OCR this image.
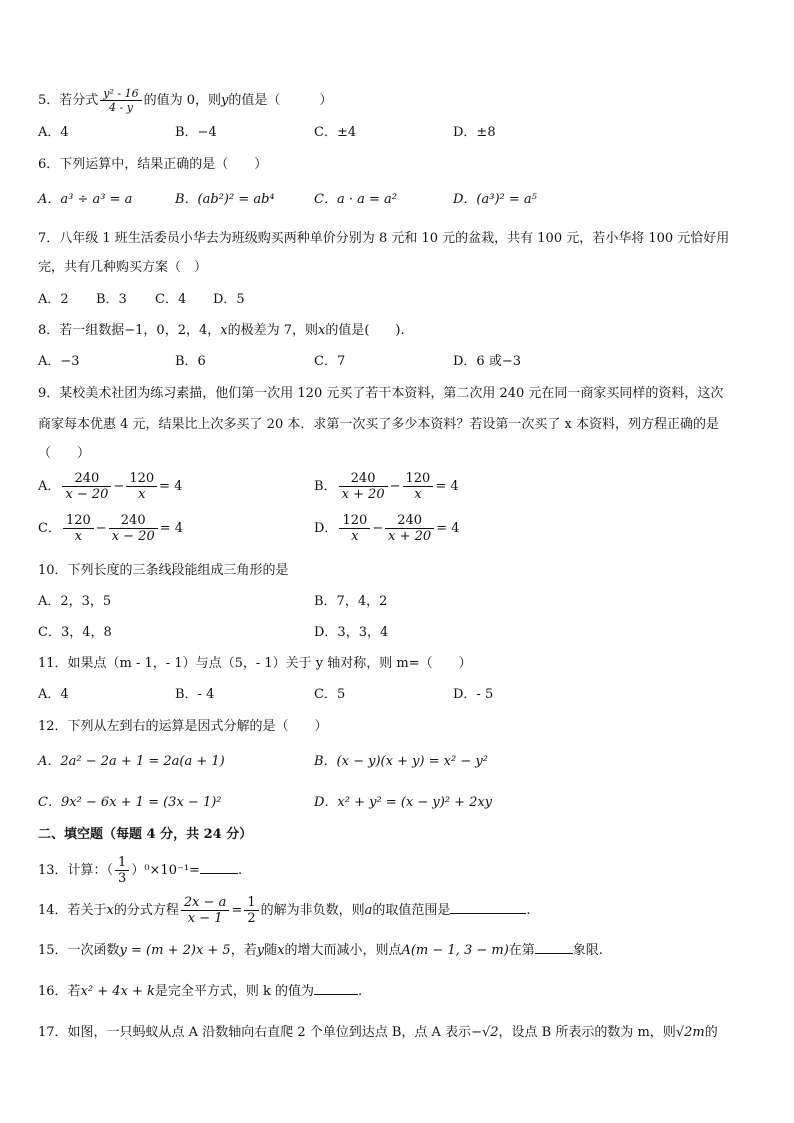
5．若分式 $\frac{\text{y² - 16}}{4 - y}$ 的值为 0，则y的值是（　　　）
A．4	B．−4	C．±4	D．±8
6．下列运算中，结果正确的是（　　）
A．a³ ÷ a³ = a	B．(ab²)² = ab⁴	C．a · a = a²	D．(a³)² = a⁵
7．八年级 1 班生活委员小华去为班级购买两种单价分别为 8 元和 10 元的盆栽，共有 100 元，若小华将 100 元恰好用
完，共有几种购买方案（　）
A．2 B．3 C．4 D．5
8．若一组数据−1，0，2，4，x的极差为 7，则x的值是(　　).
A．−3	B．6	C．7	D．6 或−3
9．某校美术社团为练习素描，他们第一次用 120 元买了若干本资料，第二次用 240 元在同一商家买同样的资料，这次
商家每本优惠 4 元，结果比上次多买了 20 本．求第一次买了多少本资料？若设第一次买了 x 本资料，列方程正确的是
（　　）
A． $\frac{240}{x - 20} - \frac{120}{x} = 4$	B． $\frac{240}{x + 20} - \frac{120}{x} = 4$
C． $\frac{120}{x} - \frac{240}{x - 20} = 4$	D． $\frac{120}{x} - \frac{240}{x + 20} = 4$
10．下列长度的三条线段能组成三角形的是
A．2，3，5	B．7，4，2
C．3，4，8	D．3，3，4
11．如果点（m - 1，- 1）与点（5，- 1）关于 y 轴对称，则 m=（　　）
A．4	B．- 4	C．5	D．- 5
12．下列从左到右的运算是因式分解的是（　　）
A．2a² − 2a + 1 = 2a(a + 1)	B．(x − y)(x + y) = x² − y²
C．9x² − 6x + 1 = (3x − 1)²	D．x² + y² = (x − y)² + 2xy
二、填空题（每题 4 分，共 24 分）
13．计算：（ $\frac{1}{3} )^0\times 10^{-1}=$	.
14．若关于x的分式方程 $\frac{2x - a}{x - 1} = \frac{1}{2}$ 的解为非负数，则a的取值范围是	.
15．一次函数y = (m + 2)x + 5，若y随x的增大而减小，则点A(m − 1, 3 − m)在第	象限.
16．若x² + 4x + k是完全平方式，则 k 的值为	.
17．如图，一只蚂蚁从点 A 沿数轴向右直爬 2 个单位到达点 B，点 A 表示−√2，设点 B 所表示的数为 m，则√2m的
